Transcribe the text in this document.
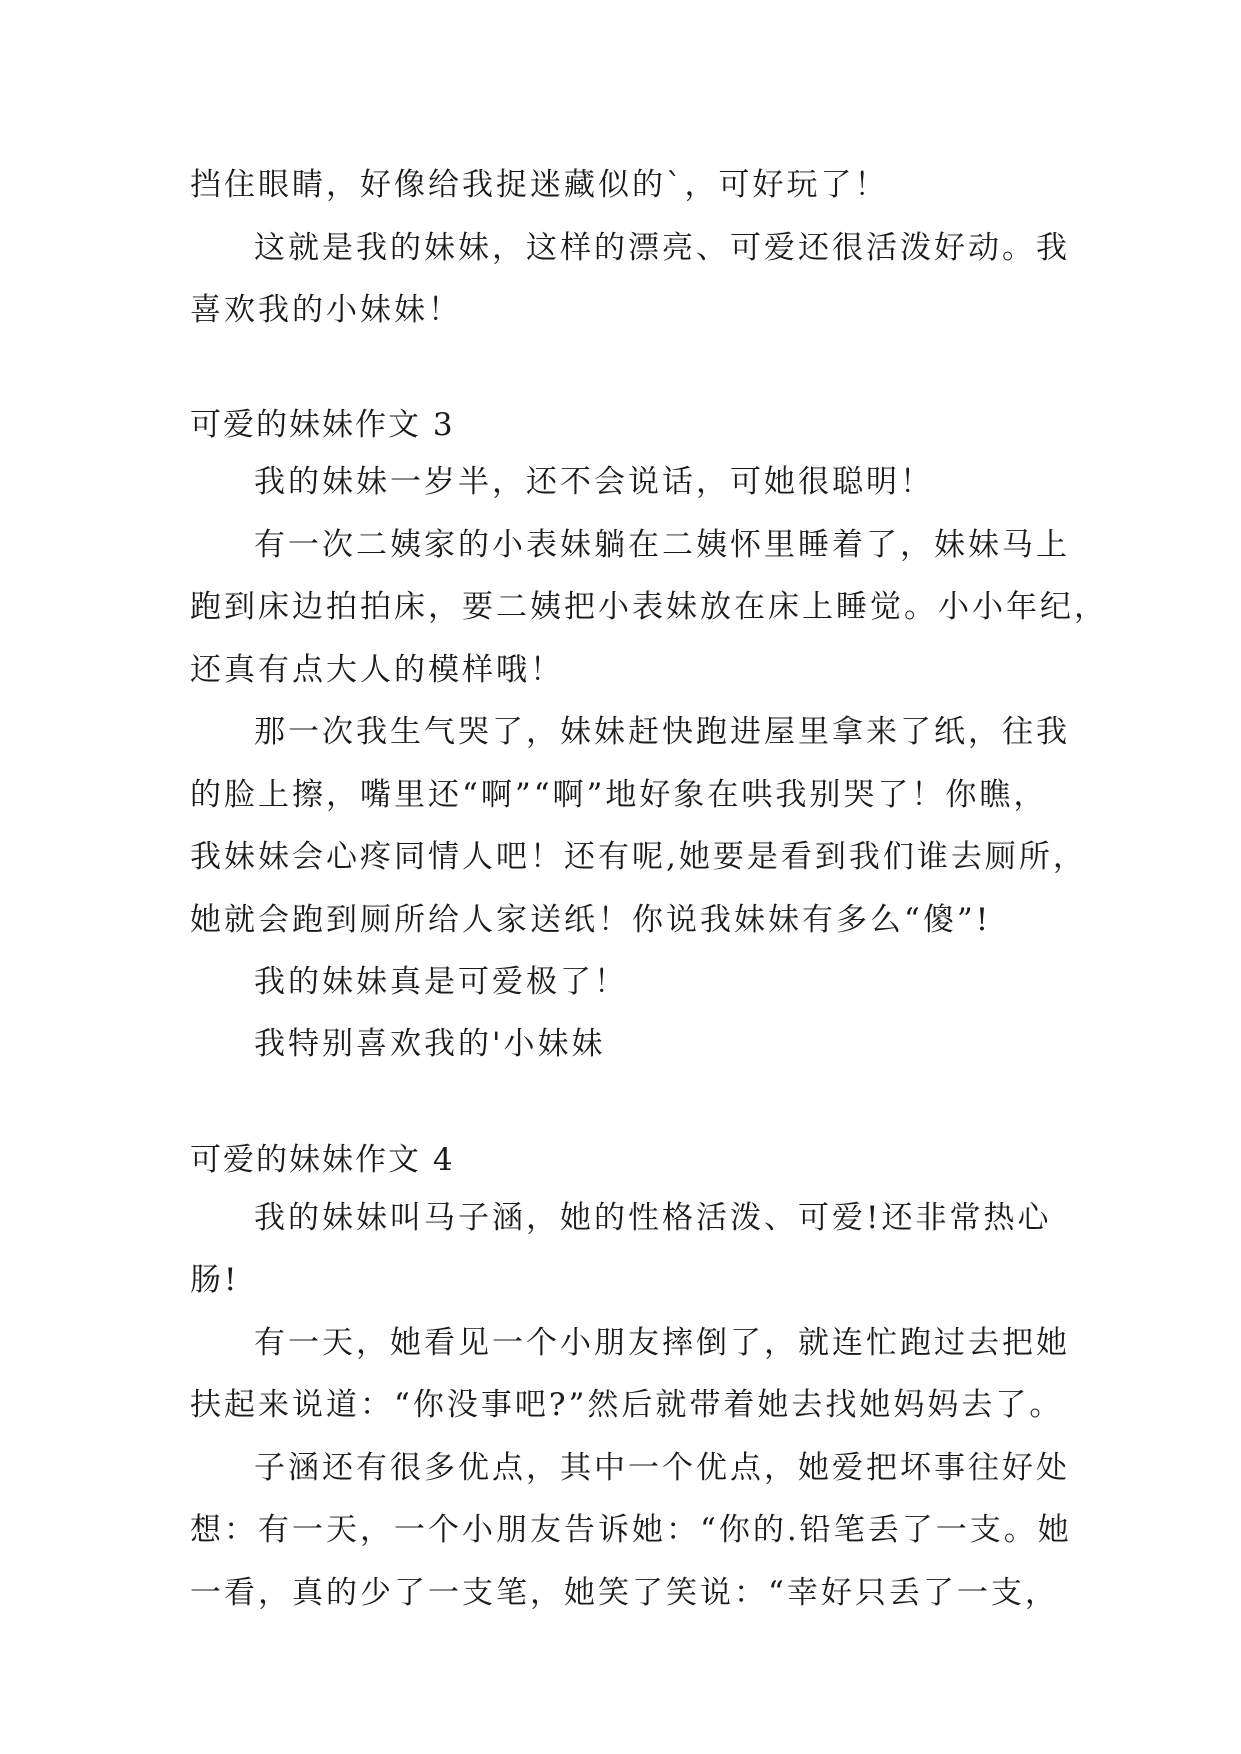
挡住眼睛，好像给我捉迷藏似的`，可好玩了！
这就是我的妹妹，这样的漂亮、可爱还很活泼好动。我
喜欢我的小妹妹！
可爱的妹妹作文 3
我的妹妹一岁半，还不会说话，可她很聪明！
有一次二姨家的小表妹躺在二姨怀里睡着了，妹妹马上
跑到床边拍拍床，要二姨把小表妹放在床上睡觉。小小年纪，
还真有点大人的模样哦！
那一次我生气哭了，妹妹赶快跑进屋里拿来了纸，往我
的脸上擦，嘴里还“啊”“啊”地好象在哄我别哭了！你瞧，
我妹妹会心疼同情人吧！还有呢,她要是看到我们谁去厕所，
她就会跑到厕所给人家送纸！你说我妹妹有多么“傻”!
我的妹妹真是可爱极了！
我特别喜欢我的'小妹妹
可爱的妹妹作文 4
我的妹妹叫马子涵，她的性格活泼、可爱!还非常热心
肠!
有一天，她看见一个小朋友摔倒了，就连忙跑过去把她
扶起来说道：“你没事吧?”然后就带着她去找她妈妈去了。
子涵还有很多优点，其中一个优点，她爱把坏事往好处
想：有一天，一个小朋友告诉她：“你的.铅笔丢了一支。她
一看，真的少了一支笔，她笑了笑说：“幸好只丢了一支，
